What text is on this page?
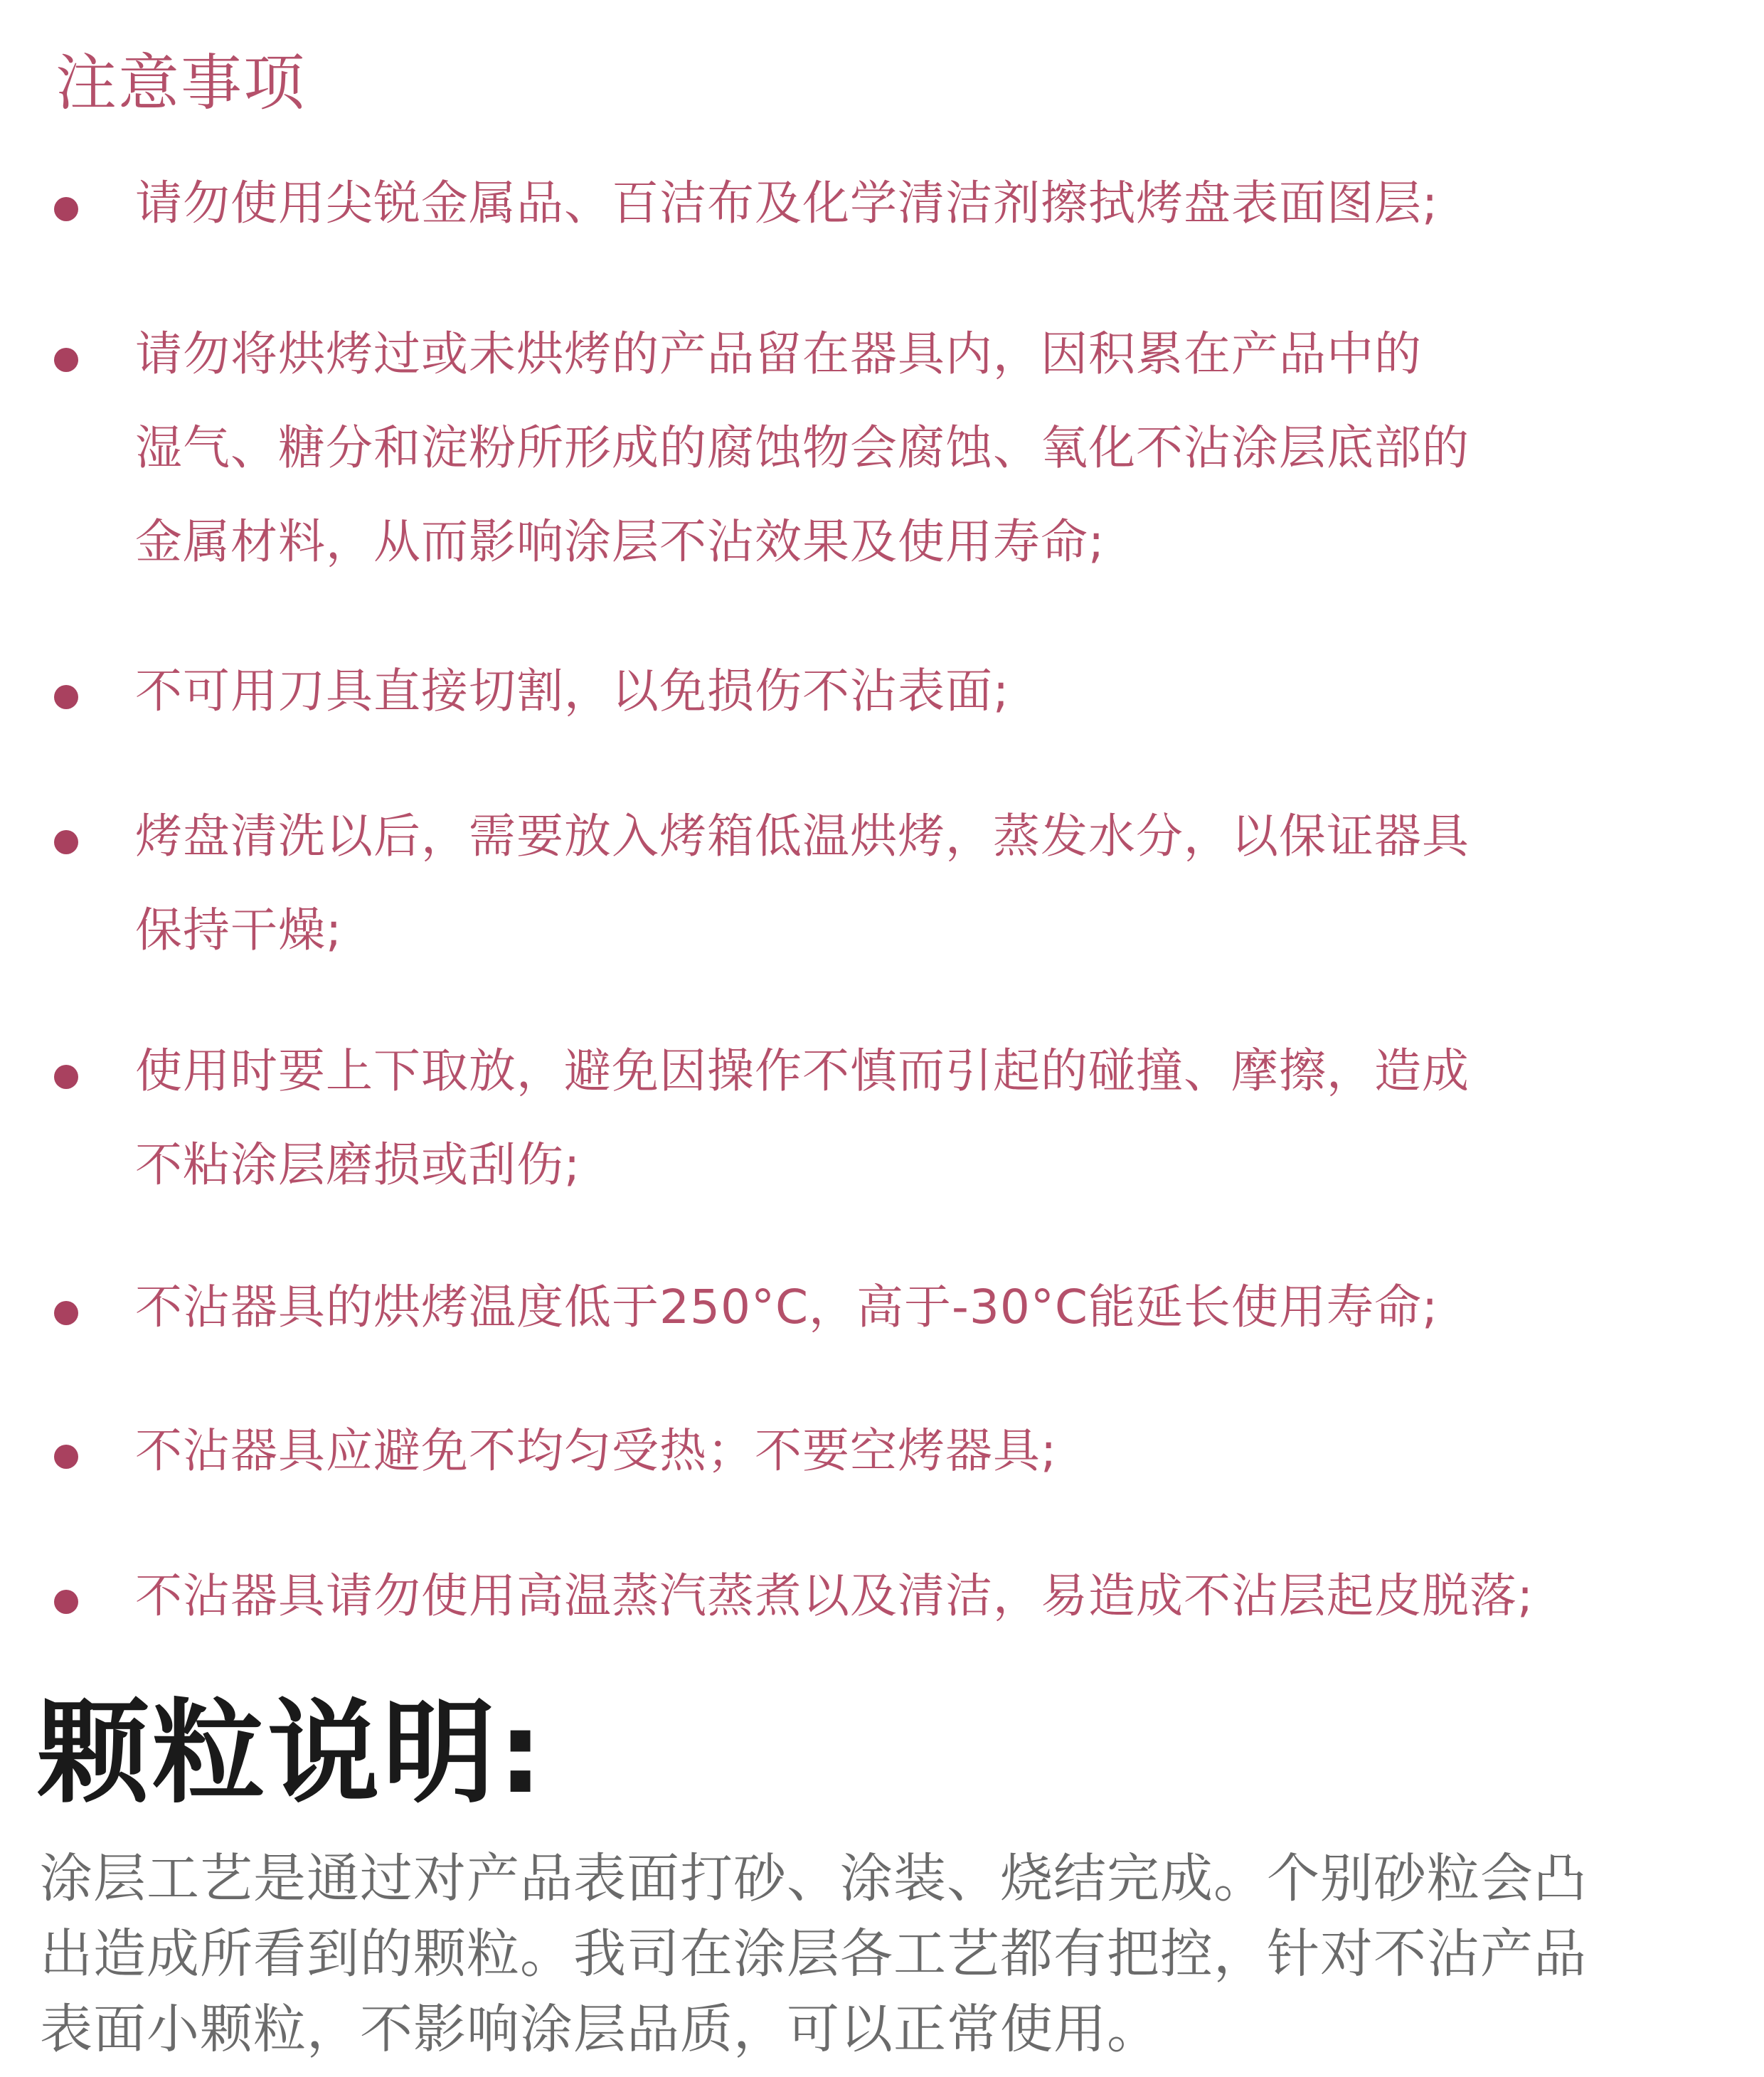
注意事项
请勿使用尖锐金属品、百洁布及化学清洁剂擦拭烤盘表面图层;
请勿将烘烤过或未烘烤的产品留在器具内，因积累在产品中的
湿气、糖分和淀粉所形成的腐蚀物会腐蚀、氧化不沾涂层底部的
金属材料，从而影响涂层不沾效果及使用寿命;
不可用刀具直接切割，以免损伤不沾表面;
烤盘清洗以后，需要放入烤箱低温烘烤，蒸发水分，以保证器具
保持干燥;
使用时要上下取放，避免因操作不慎而引起的碰撞、摩擦，造成
不粘涂层磨损或刮伤;
不沾器具的烘烤温度低于250°C，高于-30°C能延长使用寿命;
不沾器具应避免不均匀受热；不要空烤器具;
不沾器具请勿使用高温蒸汽蒸煮以及清洁，易造成不沾层起皮脱落;
颗粒说明:
涂层工艺是通过对产品表面打砂、涂装、烧结完成。个别砂粒会凸
出造成所看到的颗粒。我司在涂层各工艺都有把控，针对不沾产品
表面小颗粒，不影响涂层品质，可以正常使用。
